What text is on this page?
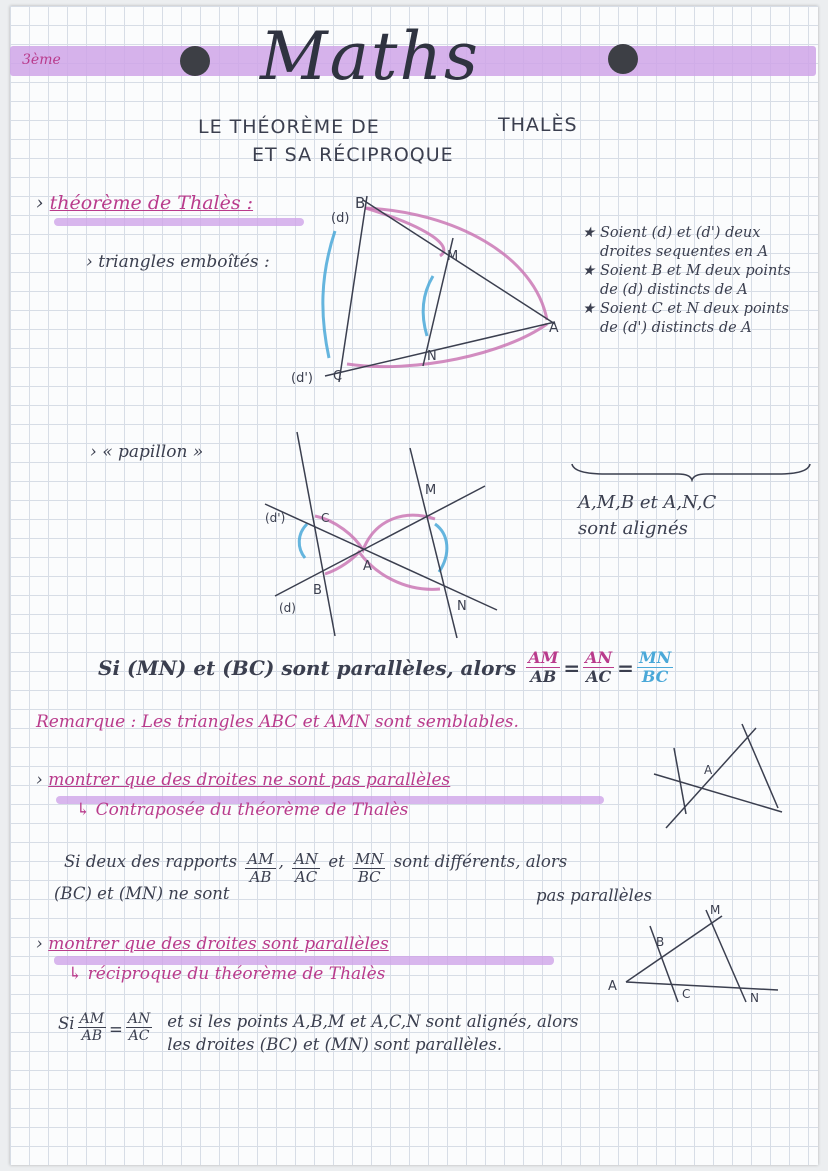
3ème	Maths
LE THÉORÈME DE	THALÈS
ET SA RÉCIPROQUE
› théorème de Thalès :
› triangles emboîtés :
(d)
B
M
A
N
(d') C
★ Soient (d) et (d') deux droites sequentes en A
★ Soient B et M deux points de (d) distincts de A
★ Soient C et N deux points de (d') distincts de A
A,M,B et A,N,C
sont alignés
› « papillon »
(d')	C
M
A
(d)
B
N
Si (MN) et (BC) sont parallèles, alors $\frac{AM}{AB} = \frac{AN}{AC} = \frac{MN}{BC}$
Remarque : Les triangles ABC et AMN sont semblables.
› montrer que des droites ne sont pas parallèles
↳ Contraposée du théorème de Thalès
A
Si deux des rapports $\frac{AM}{AB}$ , $\frac{AN}{AC}$ et $\frac{MN}{BC}$ sont différents, alors
(BC) et (MN) ne sont	pas parallèles
› montrer que des droites sont parallèles
↳ réciproque du théorème de Thalès
M
B
A	C	N
Si $\frac{AM}{AB} = \frac{AN}{AC}$ et si les points A,B,M et A,C,N sont alignés, alors
les droites (BC) et (MN) sont parallèles.
